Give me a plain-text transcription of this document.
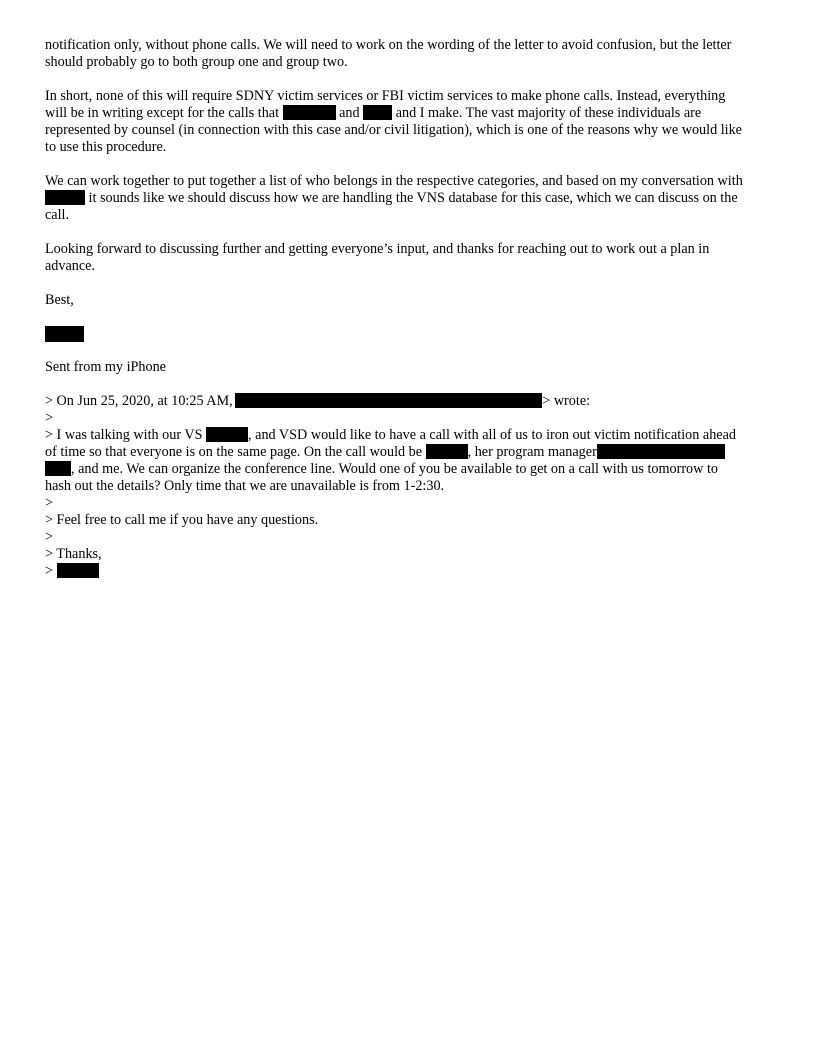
notification only, without phone calls. We will need to work on the wording of the letter to avoid confusion, but the letter
should probably go to both group one and group two.
In short, none of this will require SDNY victim services or FBI victim services to make phone calls. Instead, everything
will be in writing except for the calls that	and	and I make. The vast majority of these individuals are
represented by counsel (in connection with this case and/or civil litigation), which is one of the reasons why we would like
to use this procedure.
We can work together to put together a list of who belongs in the respective categories, and based on my conversation with
it sounds like we should discuss how we are handling the VNS database for this case, which we can discuss on the
call.
Looking forward to discussing further and getting everyone’s input, and thanks for reaching out to work out a plan in
advance.
Best,
Sent from my iPhone
> On Jun 25, 2020, at 10:25 AM,	> wrote:
>
> I was talking with our VS	, and VSD would like to have a call with all of us to iron out victim notification ahead
of time so that everyone is on the same page. On the call would be	, her program manager
, and me. We can organize the conference line. Would one of you be available to get on a call with us tomorrow to
hash out the details? Only time that we are unavailable is from 1-2:30.
>
> Feel free to call me if you have any questions.
>
> Thanks,
>
